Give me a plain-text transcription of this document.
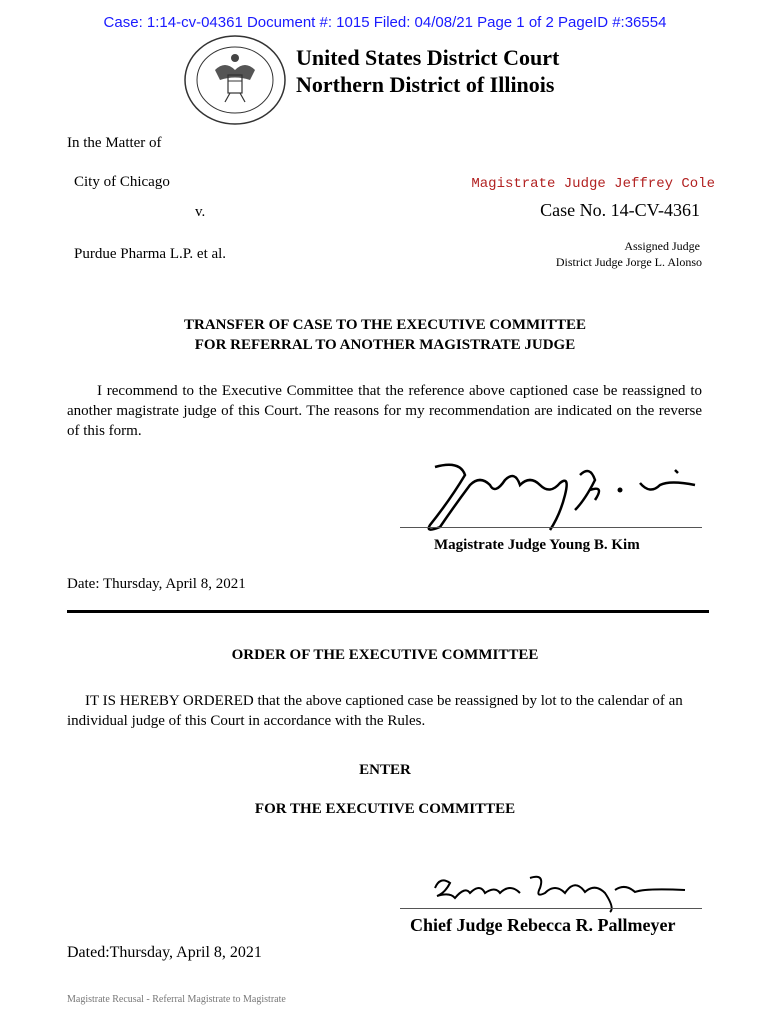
Case: 1:14-cv-04361 Document #: 1015 Filed: 04/08/21 Page 1 of 2 PageID #:36554
United States District Court
Northern District of Illinois
In the Matter of
City of Chicago	Magistrate Judge Jeffrey Cole
v.	Case No. 14-CV-4361
Assigned Judge
Purdue Pharma L.P. et al.	District Judge Jorge L. Alonso
TRANSFER OF CASE TO THE EXECUTIVE COMMITTEE
FOR REFERRAL TO ANOTHER MAGISTRATE JUDGE
I recommend to the Executive Committee that the reference above captioned case be reassigned to another magistrate judge of this Court. The reasons for my recommendation are indicated on the reverse of this form.
Magistrate Judge Young B. Kim
Date: Thursday, April 8, 2021
ORDER OF THE EXECUTIVE COMMITTEE
IT IS HEREBY ORDERED that the above captioned case be reassigned by lot to the calendar of an individual judge of this Court in accordance with the Rules.
ENTER
FOR THE EXECUTIVE COMMITTEE
Chief Judge Rebecca R. Pallmeyer
Dated:Thursday, April 8, 2021
Magistrate Recusal - Referral Magistrate to Magistrate
